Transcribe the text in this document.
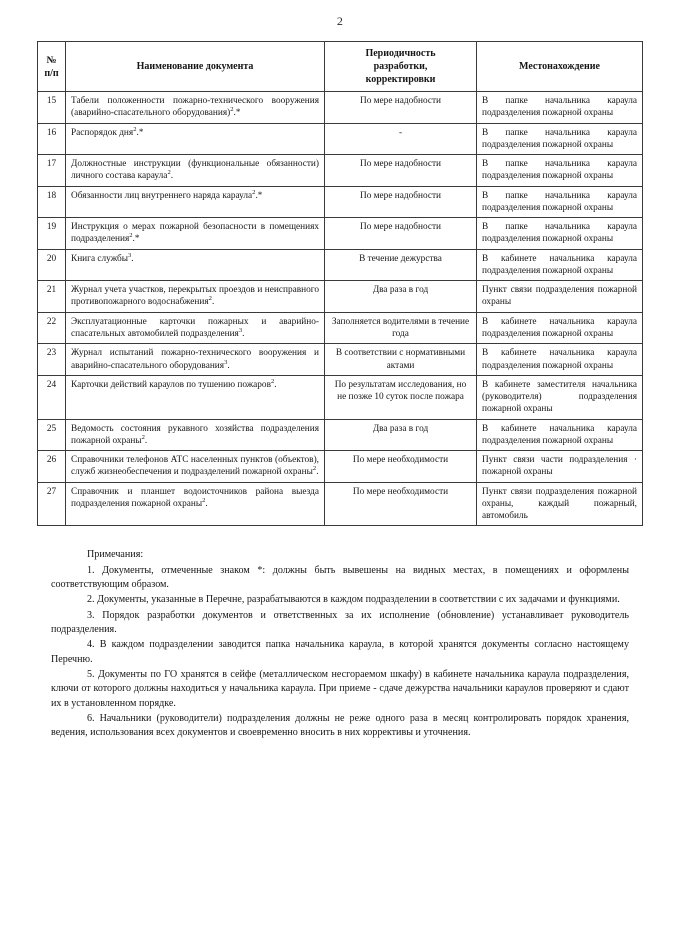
2
№
п/п	Наименование документа	Периодичность
разработки,
корректировки	Местонахождение
15	Табели положенности пожарно-технического вооружения (аварийно-спасательного оборудования)$^2$.*	По мере надобности	В папке начальника караула подразделения пожарной охраны
16	Распорядок дня$^2$.*	-	В папке начальника караула подразделения пожарной охраны
17	Должностные инструкции (функциональные обязанности) личного состава караула$^2$.	По мере надобности	В папке начальника караула подразделения пожарной охраны
18	Обязанности лиц внутреннего наряда караула$^2$.*	По мере надобности	В папке начальника караула подразделения пожарной охраны
19	Инструкция о мерах пожарной безопасности в помещениях подразделения$^2$.*	По мере надобности	В папке начальника караула подразделения пожарной охраны
20	Книга службы$^3$.	В течение дежурства	В кабинете начальника караула подразделения пожарной охраны
21	Журнал учета участков, перекрытых проездов и неисправного противопожарного водоснабжения$^2$.	Два раза в год	Пункт связи подразделения пожарной охраны
22	Эксплуатационные карточки пожарных и аварийно-спасательных автомобилей подразделения$^3$.	Заполняется водителями в течение года	В кабинете начальника караула подразделения пожарной охраны
23	Журнал испытаний пожарно-технического вооружения и аварийно-спасательного оборудования$^3$.	В соответствии с нормативными актами	В кабинете начальника караула подразделения пожарной охраны
24	Карточки действий караулов по тушению пожаров$^2$.	По результатам исследования, но не позже 10 суток после пожара	В кабинете заместителя начальника (руководителя) подразделения пожарной охраны
25	Ведомость состояния рукавного хозяйства подразделения пожарной охраны$^2$.	Два раза в год	В кабинете начальника караула подразделения пожарной охраны
26	Справочники телефонов АТС населенных пунктов (объектов), служб жизнеобеспечения и подразделений пожарной охраны$^2$.	По мере необходимости	Пункт связи части подразделения · пожарной охраны
27	Справочник и планшет водоисточников района выезда подразделения пожарной охраны$^2$.	По мере необходимости	Пункт связи подразделения пожарной охраны, каждый пожарный, автомобиль

Примечания:

1. Документы, отмеченные знаком *: должны быть вывешены на видных местах, в помещениях и оформлены соответствующим образом.

2. Документы, указанные в Перечне, разрабатываются в каждом подразделении в соответствии с их задачами и функциями.

3. Порядок разработки документов и ответственных за их исполнение (обновление) устанавливает руководитель подразделения.

4. В каждом подразделении заводится папка начальника караула, в которой хранятся документы согласно настоящему Перечню.

5. Документы по ГО хранятся в сейфе (металлическом несгораемом шкафу) в кабинете начальника караула подразделения, ключи от которого должны находиться у начальника караула. При приеме - сдаче дежурства начальники караулов проверяют и сдают их в установленном порядке.

6. Начальники (руководители) подразделения должны не реже одного раза в месяц контролировать порядок хранения, ведения, использования всех документов и своевременно вносить в них коррективы и уточнения.
